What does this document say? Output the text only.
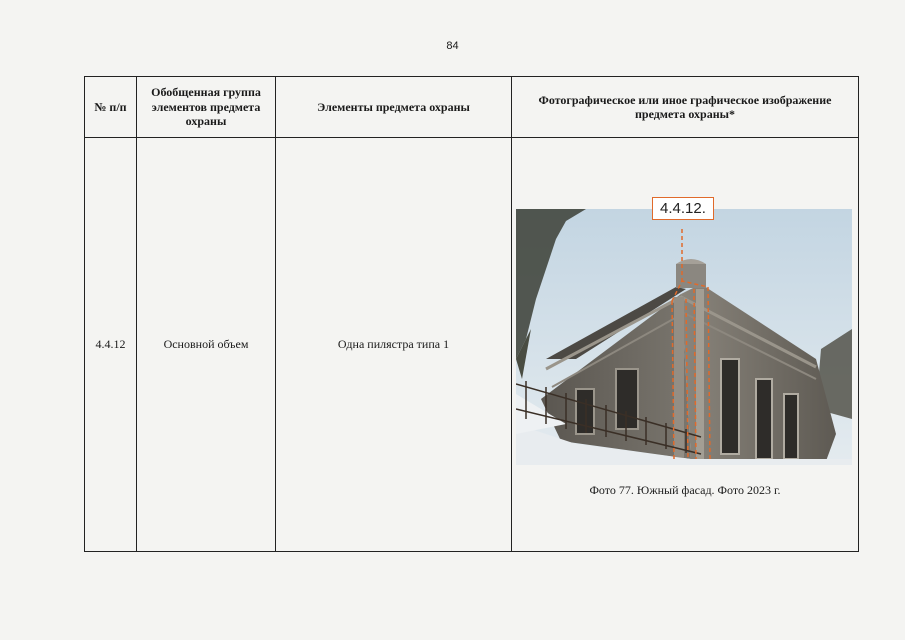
84
№ п/п	Обобщенная группа элементов предмета охраны	Элементы предмета охраны	Фотографическое или иное графическое изображение предмета охраны*
4.4.12	Основной объем	Одна пилястра типа 1	4.4.12.
Фото 77. Южный фасад. Фото 2023 г.
